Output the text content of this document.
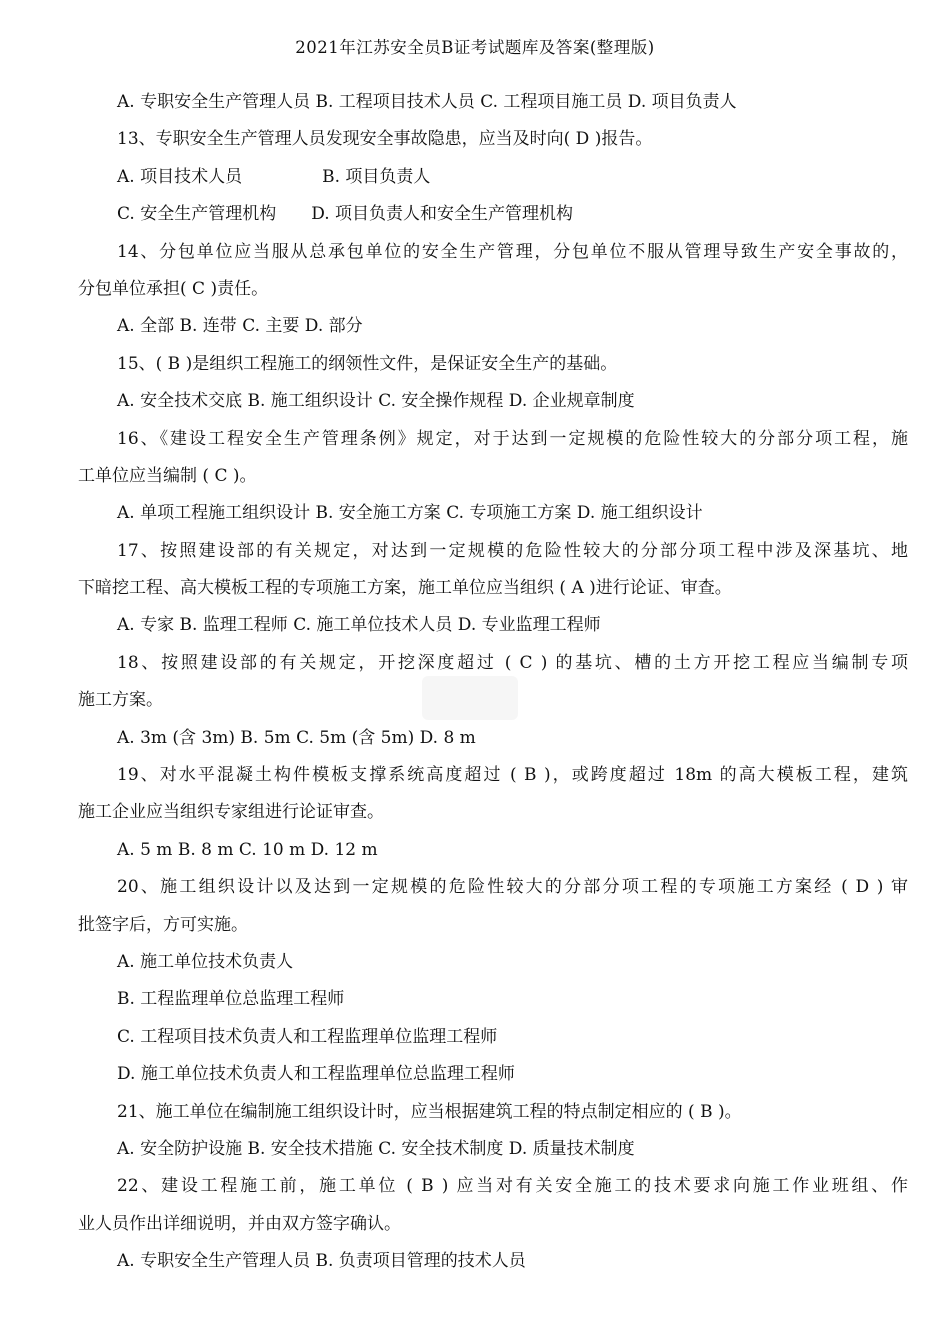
2021年江苏安全员B证考试题库及答案(整理版)
A. 专职安全生产管理人员 B. 工程项目技术人员 C. 工程项目施工员 D. 项目负责人
13、专职安全生产管理人员发现安全事故隐患，应当及时向( D )报告。
A. 项目技术人员	B. 项目负责人
C. 安全生产管理机构 D. 项目负责人和安全生产管理机构
14、分包单位应当服从总承包单位的安全生产管理，分包单位不服从管理导致生产安全事故的，
分包单位承担( C )责任。
A. 全部 B. 连带 C. 主要 D. 部分
15、( B )是组织工程施工的纲领性文件，是保证安全生产的基础。
A. 安全技术交底 B. 施工组织设计 C. 安全操作规程 D. 企业规章制度
16、《建设工程安全生产管理条例》规定，对于达到一定规模的危险性较大的分部分项工程，施
工单位应当编制 ( C )。
A. 单项工程施工组织设计 B. 安全施工方案 C. 专项施工方案 D. 施工组织设计
17、按照建设部的有关规定，对达到一定规模的危险性较大的分部分项工程中涉及深基坑、地
下暗挖工程、高大模板工程的专项施工方案，施工单位应当组织 ( A )进行论证、审查。
A. 专家 B. 监理工程师 C. 施工单位技术人员 D. 专业监理工程师
18、按照建设部的有关规定，开挖深度超过 ( C ) 的基坑、槽的土方开挖工程应当编制专项
施工方案。
A. 3m (含 3m) B. 5m C. 5m (含 5m) D. 8 m
19、对水平混凝土构件模板支撑系统高度超过 ( B )，或跨度超过 18m 的高大模板工程，建筑
施工企业应当组织专家组进行论证审查。
A. 5 m B. 8 m C. 10 m D. 12 m
20、施工组织设计以及达到一定规模的危险性较大的分部分项工程的专项施工方案经 ( D ) 审
批签字后，方可实施。
A. 施工单位技术负责人
B. 工程监理单位总监理工程师
C. 工程项目技术负责人和工程监理单位监理工程师
D. 施工单位技术负责人和工程监理单位总监理工程师
21、施工单位在编制施工组织设计时，应当根据建筑工程的特点制定相应的 ( B )。
A. 安全防护设施 B. 安全技术措施 C. 安全技术制度 D. 质量技术制度
22、建设工程施工前，施工单位 ( B ) 应当对有关安全施工的技术要求向施工作业班组、作
业人员作出详细说明，并由双方签字确认。
A. 专职安全生产管理人员 B. 负责项目管理的技术人员
